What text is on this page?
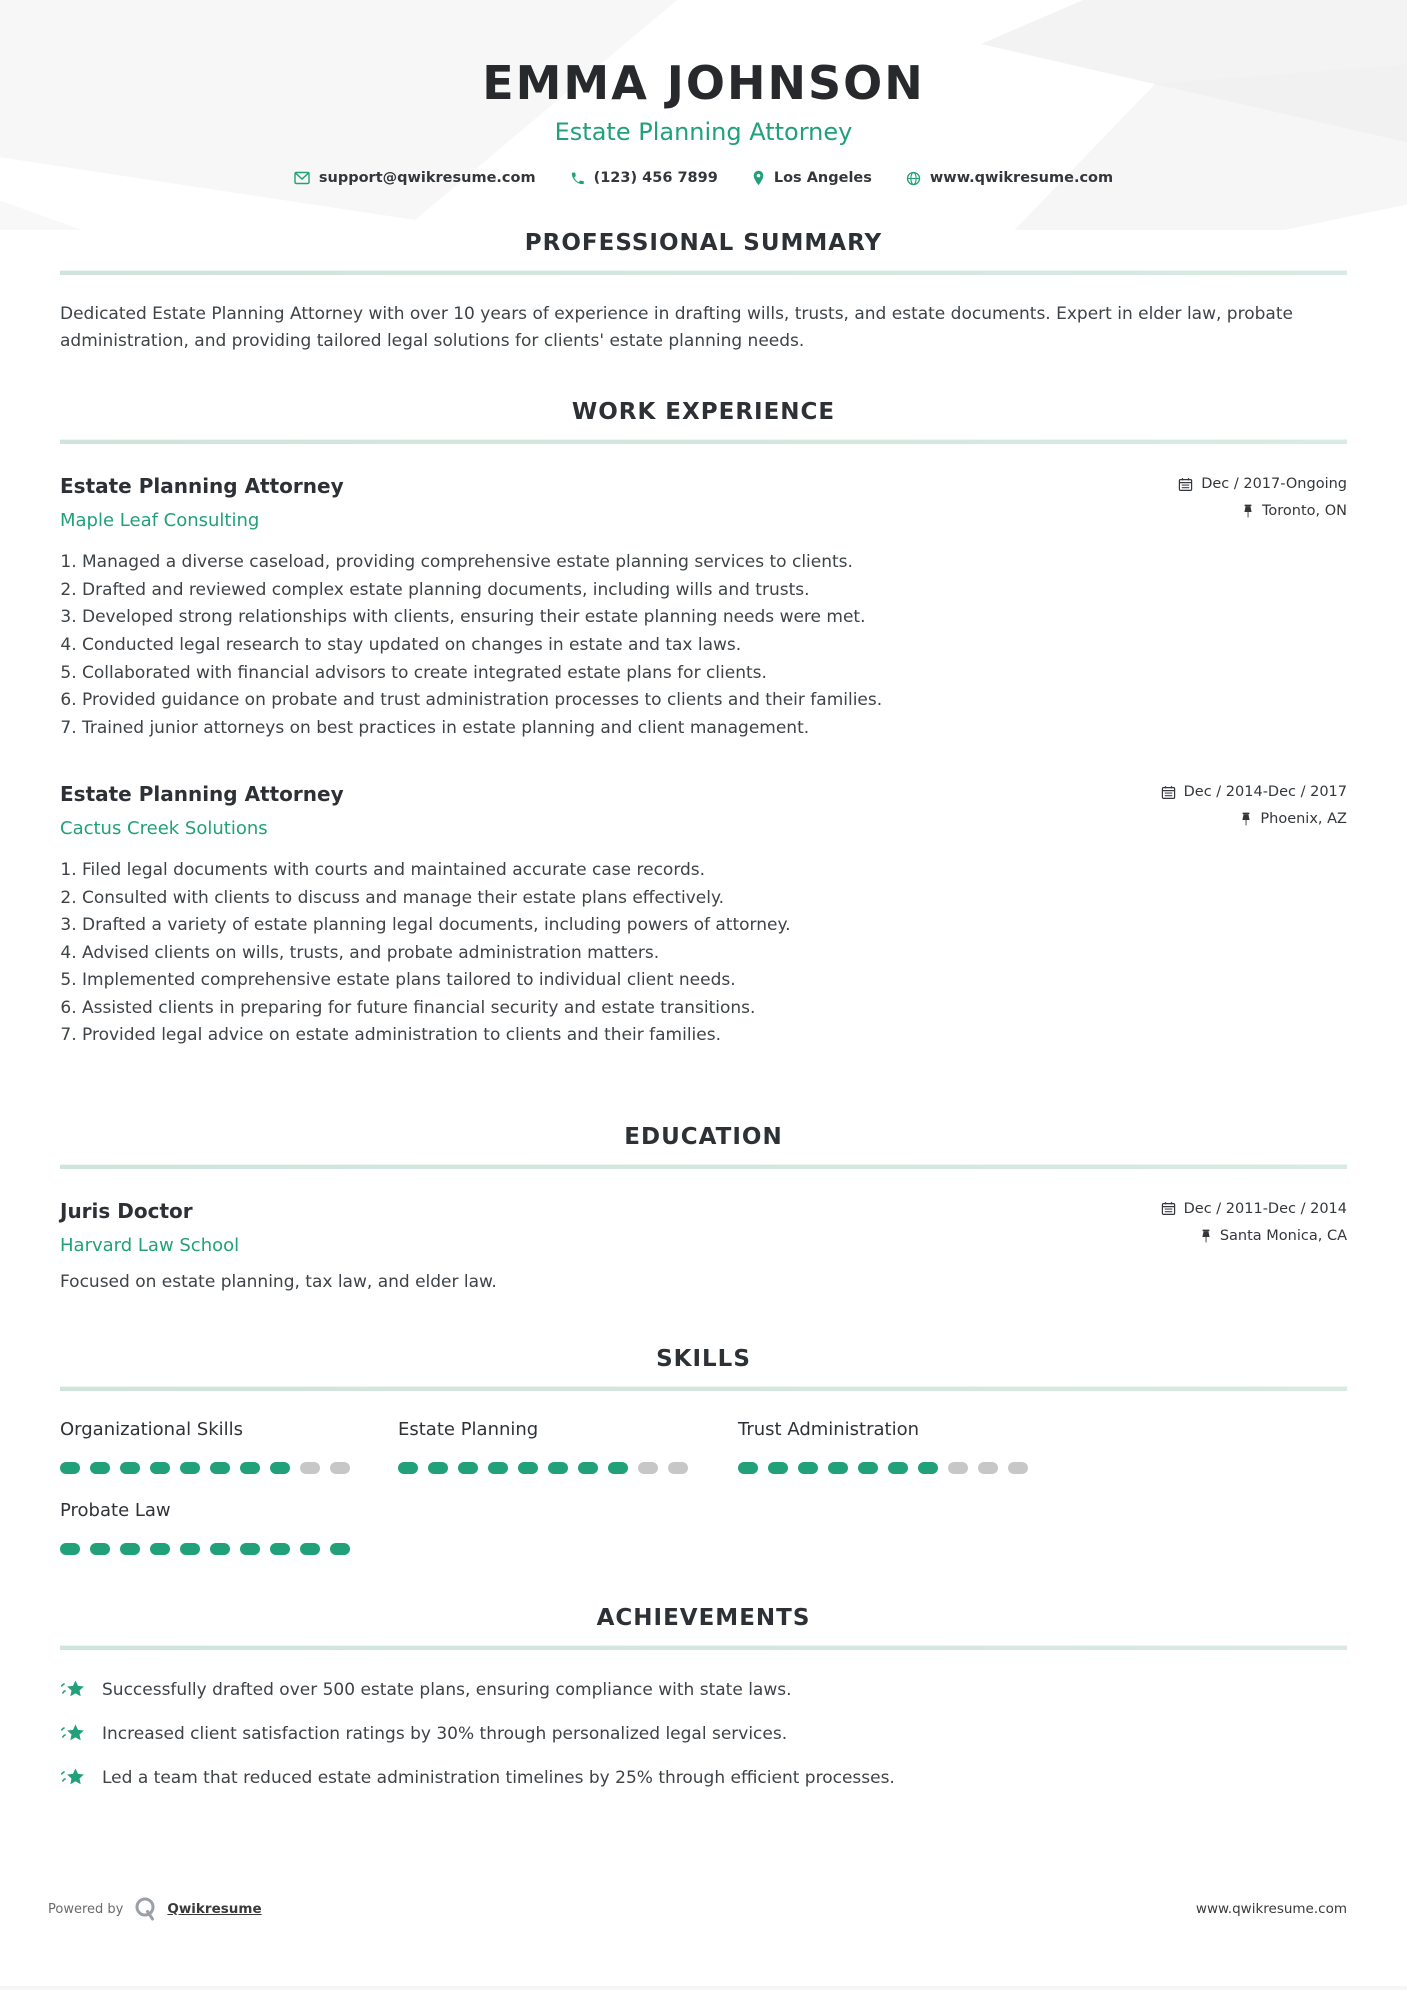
EMMA JOHNSON
Estate Planning Attorney
support@qwikresume.com	(123) 456 7899	Los Angeles	www.qwikresume.com
PROFESSIONAL SUMMARY

Dedicated Estate Planning Attorney with over 10 years of experience in drafting wills, trusts, and estate documents. Expert in elder law, probate administration, and providing tailored legal solutions for clients' estate planning needs.

WORK EXPERIENCE
Estate Planning Attorney
Maple Leaf Consulting
Dec / 2017-Ongoing
Toronto, ON
1. Managed a diverse caseload, providing comprehensive estate planning services to clients.
2. Drafted and reviewed complex estate planning documents, including wills and trusts.
3. Developed strong relationships with clients, ensuring their estate planning needs were met.
4. Conducted legal research to stay updated on changes in estate and tax laws.
5. Collaborated with financial advisors to create integrated estate plans for clients.
6. Provided guidance on probate and trust administration processes to clients and their families.
7. Trained junior attorneys on best practices in estate planning and client management.
Estate Planning Attorney
Cactus Creek Solutions
Dec / 2014-Dec / 2017
Phoenix, AZ
1. Filed legal documents with courts and maintained accurate case records.
2. Consulted with clients to discuss and manage their estate plans effectively.
3. Drafted a variety of estate planning legal documents, including powers of attorney.
4. Advised clients on wills, trusts, and probate administration matters.
5. Implemented comprehensive estate plans tailored to individual client needs.
6. Assisted clients in preparing for future financial security and estate transitions.
7. Provided legal advice on estate administration to clients and their families.
EDUCATION
Juris Doctor
Harvard Law School
Dec / 2011-Dec / 2014
Santa Monica, CA

Focused on estate planning, tax law, and elder law.

SKILLS
Organizational Skills	Estate Planning	Trust Administration
Probate Law
ACHIEVEMENTS
Successfully drafted over 500 estate plans, ensuring compliance with state laws.
Increased client satisfaction ratings by 30% through personalized legal services.
Led a team that reduced estate administration timelines by 25% through efficient processes.
Powered by	Qwikresume	www.qwikresume.com
